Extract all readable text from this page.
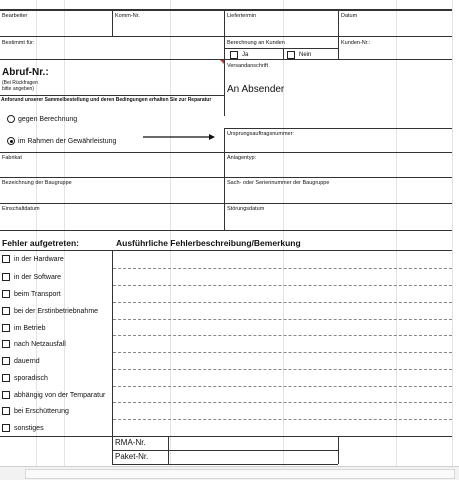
Bearbeiter	Komm-Nr.	Liefertermin	Datum
Bestimmt für:	Berechnung an Kunden	Kunden-Nr.:
Ja	Nein
Abruf-Nr.:
(Bei Rückfragen
bitte angeben)
Versandanschrift
An Absender
Anforund unserer Sammelbestellung und deren Bedingungen erhalten Sie zur Reparatur
gegen Berechnung
im Rahmen der Gewährleistung
Ursprungsauftragsnummer:
Fabrikat	Anlagentyp:
Bezeichnung der Baugruppe	Sach- oder Seriennummer der Baugruppe
Einschaltdatum	Störungsdatum
Fehler aufgetreten:	Ausführliche Fehlerbeschreibung/Bemerkung
in der Hardware
in der Software
beim Transport
bei der Erstinbetriebnahme
im Betrieb
nach Netzausfall
dauernd
sporadisch
abhängig von der Temparatur
bei Erschütterung
sonstiges
RMA-Nr.
Paket-Nr.
